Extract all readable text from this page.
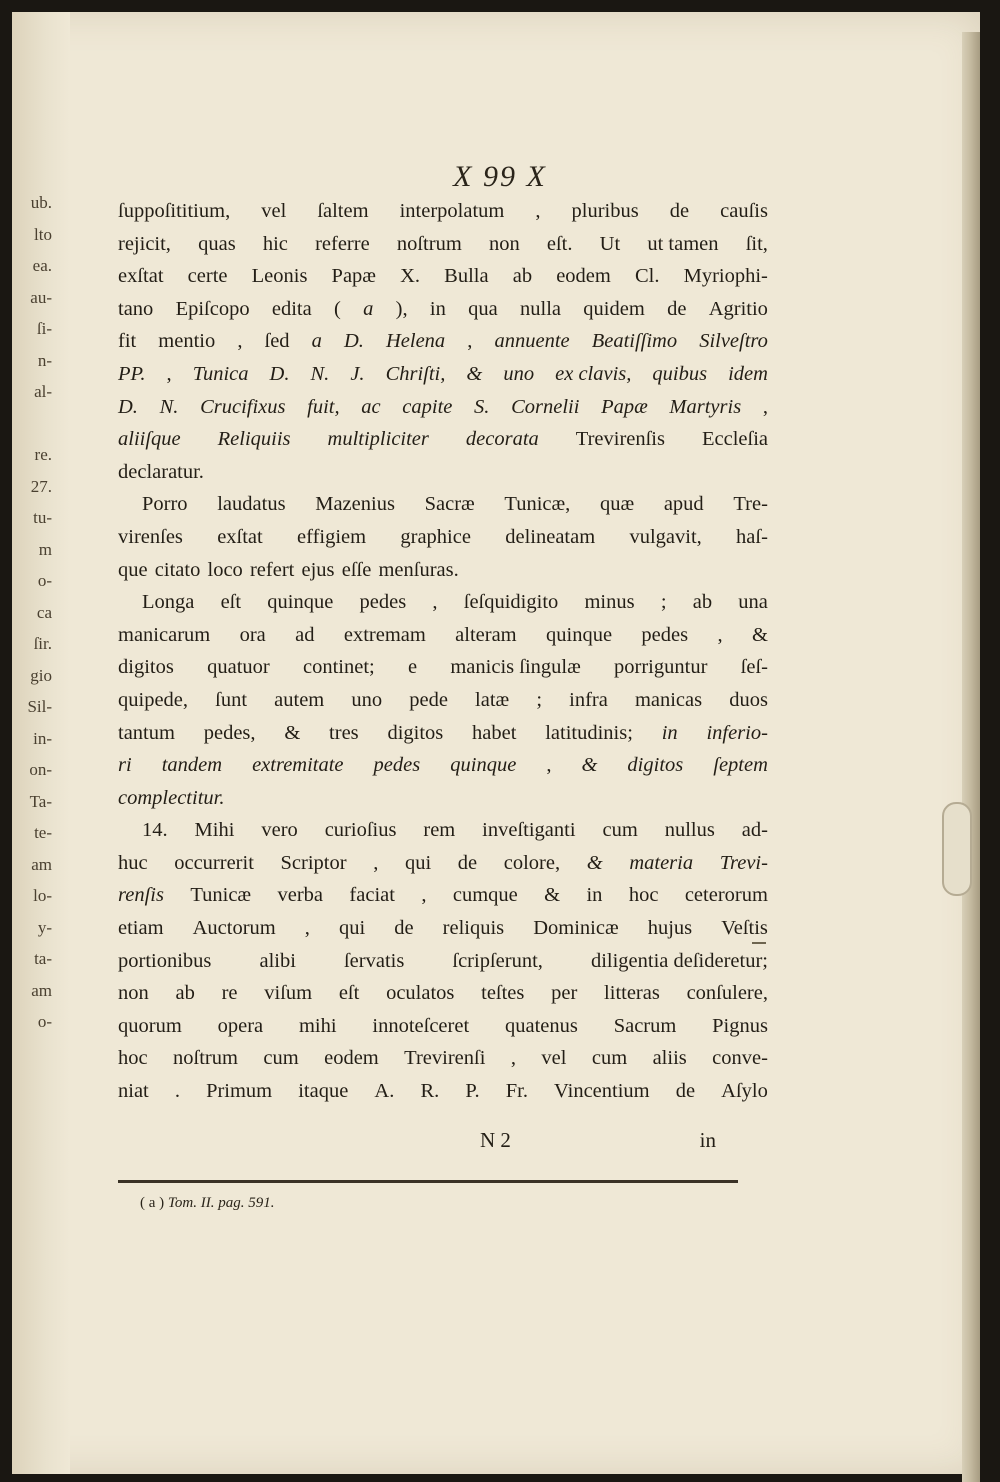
ub.
lto
ea.
au-
ſi-
n-
al-
re.
27.
tu-
m
o-
ca
ſir.
gio
Sil-
in-
on-
Ta-
te-
am
lo-
y-
ta-
am
o-
X 99 X
ſuppoſititium, vel ſaltem interpolatum , pluribus de cauſis
rejicit, quas hic referre noſtrum non eſt. Ut ut tamen ſit,
exſtat certe Leonis Papæ X. Bulla ab eodem Cl. Myriophi-
tano Epiſcopo edita ( a ), in qua nulla quidem de Agritio
fit mentio , ſed a D. Helena , annuente Beatiſſimo Silveſtro
PP. , Tunica D. N. J. Chriſti, & uno ex clavis, quibus idem
D. N. Crucifixus fuit, ac capite S. Cornelii Papæ Martyris ,
aliiſque Reliquiis multipliciter decorata Trevirenſis Eccleſia
declaratur.
Porro laudatus Mazenius Sacræ Tunicæ, quæ apud Tre-
virenſes exſtat effigiem graphice delineatam vulgavit, haſ-
que citato loco refert ejus eſſe menſuras.
Longa eſt quinque pedes , ſeſquidigito minus ; ab una
manicarum ora ad extremam alteram quinque pedes , &
digitos quatuor continet; e manicis ſingulæ porriguntur ſeſ-
quipede, ſunt autem uno pede latæ ; infra manicas duos
tantum pedes, & tres digitos habet latitudinis; in inferio-
ri tandem extremitate pedes quinque , & digitos ſeptem
complectitur.
14. Mihi vero curioſius rem inveſtiganti cum nullus ad-
huc occurrerit Scriptor , qui de colore, & materia Trevi-
renſis Tunicæ verba faciat , cumque & in hoc ceterorum
etiam Auctorum , qui de reliquis Dominicæ hujus Veſtis
portionibus alibi ſervatis ſcripſerunt, diligentia deſideretur;
non ab re viſum eſt oculatos teſtes per litteras conſulere,
quorum opera mihi innoteſceret quatenus Sacrum Pignus
hoc noſtrum cum eodem Trevirenſi , vel cum aliis conve-
niat . Primum itaque A. R. P. Fr. Vincentium de Aſylo
N 2	in
( a ) Tom. II. pag. 591.
